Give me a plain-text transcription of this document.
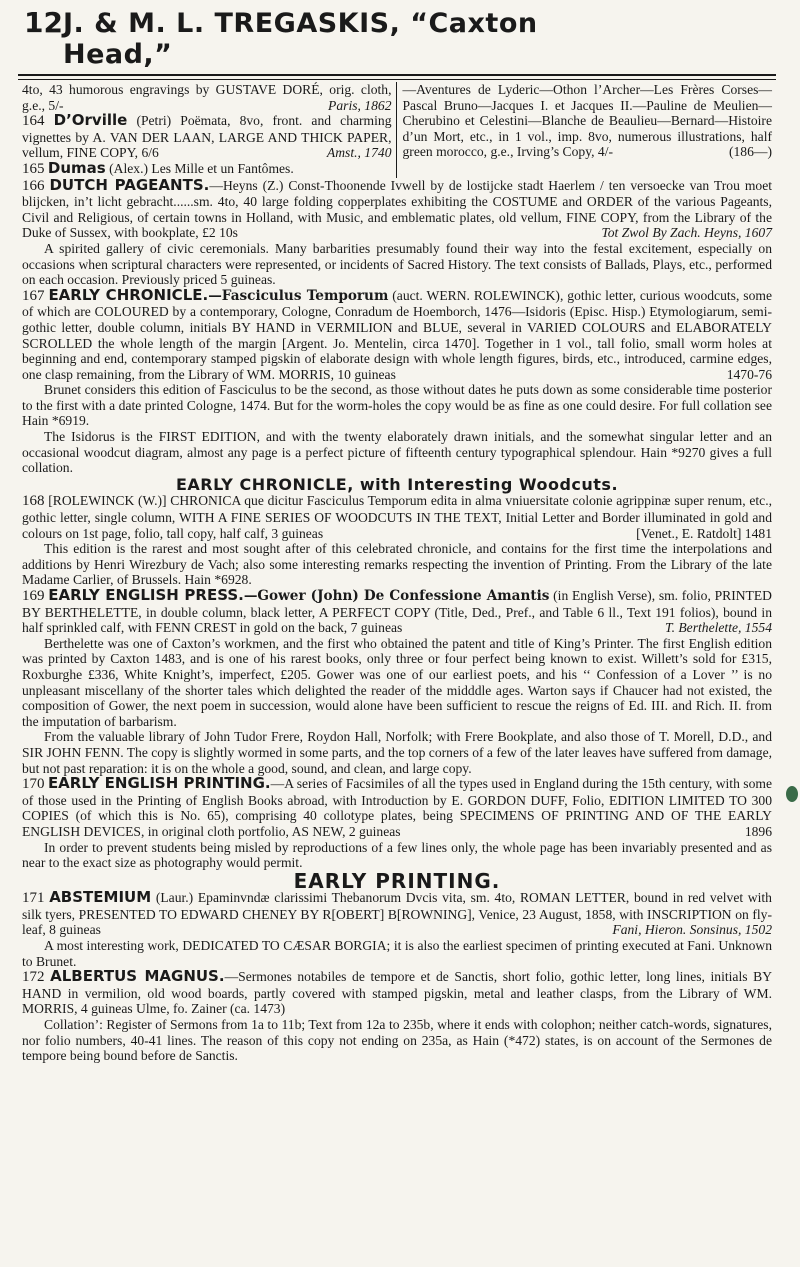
12 J. & M. L. TREGASKIS, “Caxton Head,”

4to, 43 humorous engravings by GUSTAVE DORÉ, orig. cloth, g.e., 5/-	Paris, 1862

164 D’Orville (Petri) Poëmata, 8vo, front. and charming vignettes by A. VAN DER LAAN, LARGE AND THICK PAPER, vellum, FINE COPY, 6/6	Amst., 1740

165 Dumas (Alex.) Les Mille et un Fantômes.

—Aventures de Lyderic—Othon l’Archer—Les Frères Corses—Pascal Bruno—Jacques I. et Jacques II.—Pauline de Meulien—Cherubino et Celestini—Blanche de Beaulieu—Bernard—Histoire d’un Mort, etc., in 1 vol., imp. 8vo, numerous illustrations, half green morocco, g.e., Irving’s Copy, 4/-	(186—)

166 DUTCH PAGEANTS.—Heyns (Z.) Const-Thoonende Ivwell by de lostijcke stadt Haerlem / ten versoecke van Trou moet blijcken, in’t licht gebracht......sm. 4to, 40 large folding copperplates exhibiting the COSTUME and ORDER of the various Pageants, Civil and Religious, of certain towns in Holland, with Music, and emblematic plates, old vellum, FINE COPY, from the Library of the Duke of Sussex, with bookplate, £2 10s	Tot Zwol By Zach. Heyns, 1607

A spirited gallery of civic ceremonials. Many barbarities presumably found their way into the festal excitement, especially on occasions when scriptural characters were represented, or incidents of Sacred History. The text consists of Ballads, Plays, etc., performed on each occasion. Previously priced 5 guineas.

167 EARLY CHRONICLE.—Fasciculus Temporum (auct. WERN. ROLEWINCK), gothic letter, curious woodcuts, some of which are COLOURED by a contemporary, Cologne, Conradum de Hoemborch, 1476—Isidoris (Episc. Hisp.) Etymologiarum, semi-gothic letter, double column, initials BY HAND in VERMILION and BLUE, several in VARIED COLOURS and ELABORATELY SCROLLED the whole length of the margin [Argent. Jo. Mentelin, circa 1470]. Together in 1 vol., tall folio, small worm holes at beginning and end, contemporary stamped pigskin of elaborate design with whole length figures, birds, etc., introduced, carmine edges, one clasp remaining, from the Library of WM. MORRIS, 10 guineas	1470-76

Brunet considers this edition of Fasciculus to be the second, as those without dates he puts down as some considerable time posterior to the first with a date printed Cologne, 1474. But for the worm-holes the copy would be as fine as one could desire. For full collation see Hain *6919.

The Isidorus is the FIRST EDITION, and with the twenty elaborately drawn initials, and the somewhat singular letter and an occasional woodcut diagram, almost any page is a perfect picture of fifteenth century typographical splendour. Hain *9270 gives a full collation.

EARLY CHRONICLE, with Interesting Woodcuts.

168 [ROLEWINCK (W.)] CHRONICA que dicitur Fasciculus Temporum edita in alma vniuersitate colonie agrippinæ super renum, etc., gothic letter, single column, WITH A FINE SERIES OF WOODCUTS IN THE TEXT, Initial Letter and Border illuminated in gold and colours on 1st page, folio, tall copy, half calf, 3 guineas	[Venet., E. Ratdolt] 1481

This edition is the rarest and most sought after of this celebrated chronicle, and contains for the first time the interpolations and additions by Henri Wirezbury de Vach; also some interesting remarks respecting the invention of Printing. From the Library of the late Madame Carlier, of Brussels. Hain *6928.

169 EARLY ENGLISH PRESS.—Gower (John) De Confessione Amantis (in English Verse), sm. folio, PRINTED BY BERTHELETTE, in double column, black letter, A PERFECT COPY (Title, Ded., Pref., and Table 6 ll., Text 191 folios), bound in half sprinkled calf, with FENN CREST in gold on the back, 7 guineas	T. Berthelette, 1554

Berthelette was one of Caxton’s workmen, and the first who obtained the patent and title of King’s Printer. The first English edition was printed by Caxton 1483, and is one of his rarest books, only three or four perfect being known to exist. Willett’s sold for £315, Roxburghe £336, White Knight’s, imperfect, £205. Gower was one of our earliest poets, and his ‘‘ Confession of a Lover ’’ is no unpleasant miscellany of the shorter tales which delighted the reader of the midddle ages. Warton says if Chaucer had not existed, the composition of Gower, the next poem in succession, would alone have been sufficient to rescue the reigns of Ed. III. and Rich. II. from the imputation of barbarism.

From the valuable library of John Tudor Frere, Roydon Hall, Norfolk; with Frere Bookplate, and also those of T. Morell, D.D., and SIR JOHN FENN. The copy is slightly wormed in some parts, and the top corners of a few of the later leaves have suffered from damage, but not past reparation: it is on the whole a good, sound, and clean, and large copy.

170 EARLY ENGLISH PRINTING.—A series of Facsimiles of all the types used in England during the 15th century, with some of those used in the Printing of English Books abroad, with Introduction by E. GORDON DUFF, Folio, EDITION LIMITED TO 300 COPIES (of which this is No. 65), comprising 40 collotype plates, being SPECIMENS OF PRINTING AND OF THE EARLY ENGLISH DEVICES, in original cloth portfolio, AS NEW, 2 guineas	1896

In order to prevent students being misled by reproductions of a few lines only, the whole page has been invariably presented and as near to the exact size as photography would permit.

EARLY PRINTING.

171 ABSTEMIUM (Laur.) Epaminvndæ clarissimi Thebanorum Dvcis vita, sm. 4to, ROMAN LETTER, bound in red velvet with silk tyers, PRESENTED TO EDWARD CHENEY BY R[OBERT] B[ROWNING], Venice, 23 August, 1858, with INSCRIPTION on fly-leaf, 8 guineas	Fani, Hieron. Sonsinus, 1502

A most interesting work, DEDICATED TO CÆSAR BORGIA; it is also the earliest specimen of printing executed at Fani. Unknown to Brunet.

172 ALBERTUS MAGNUS.—Sermones notabiles de tempore et de Sanctis, short folio, gothic letter, long lines, initials BY HAND in vermilion, old wood boards, partly covered with stamped pigskin, metal and leather clasps, from the Library of WM. MORRIS, 4 guineas Ulme, fo. Zainer (ca. 1473)

Collation’: Register of Sermons from 1a to 11b; Text from 12a to 235b, where it ends with colophon; neither catch-words, signatures, nor folio numbers, 40-41 lines. The reason of this copy not ending on 235a, as Hain (*472) states, is on account of the Sermones de tempore being bound before de Sanctis.
